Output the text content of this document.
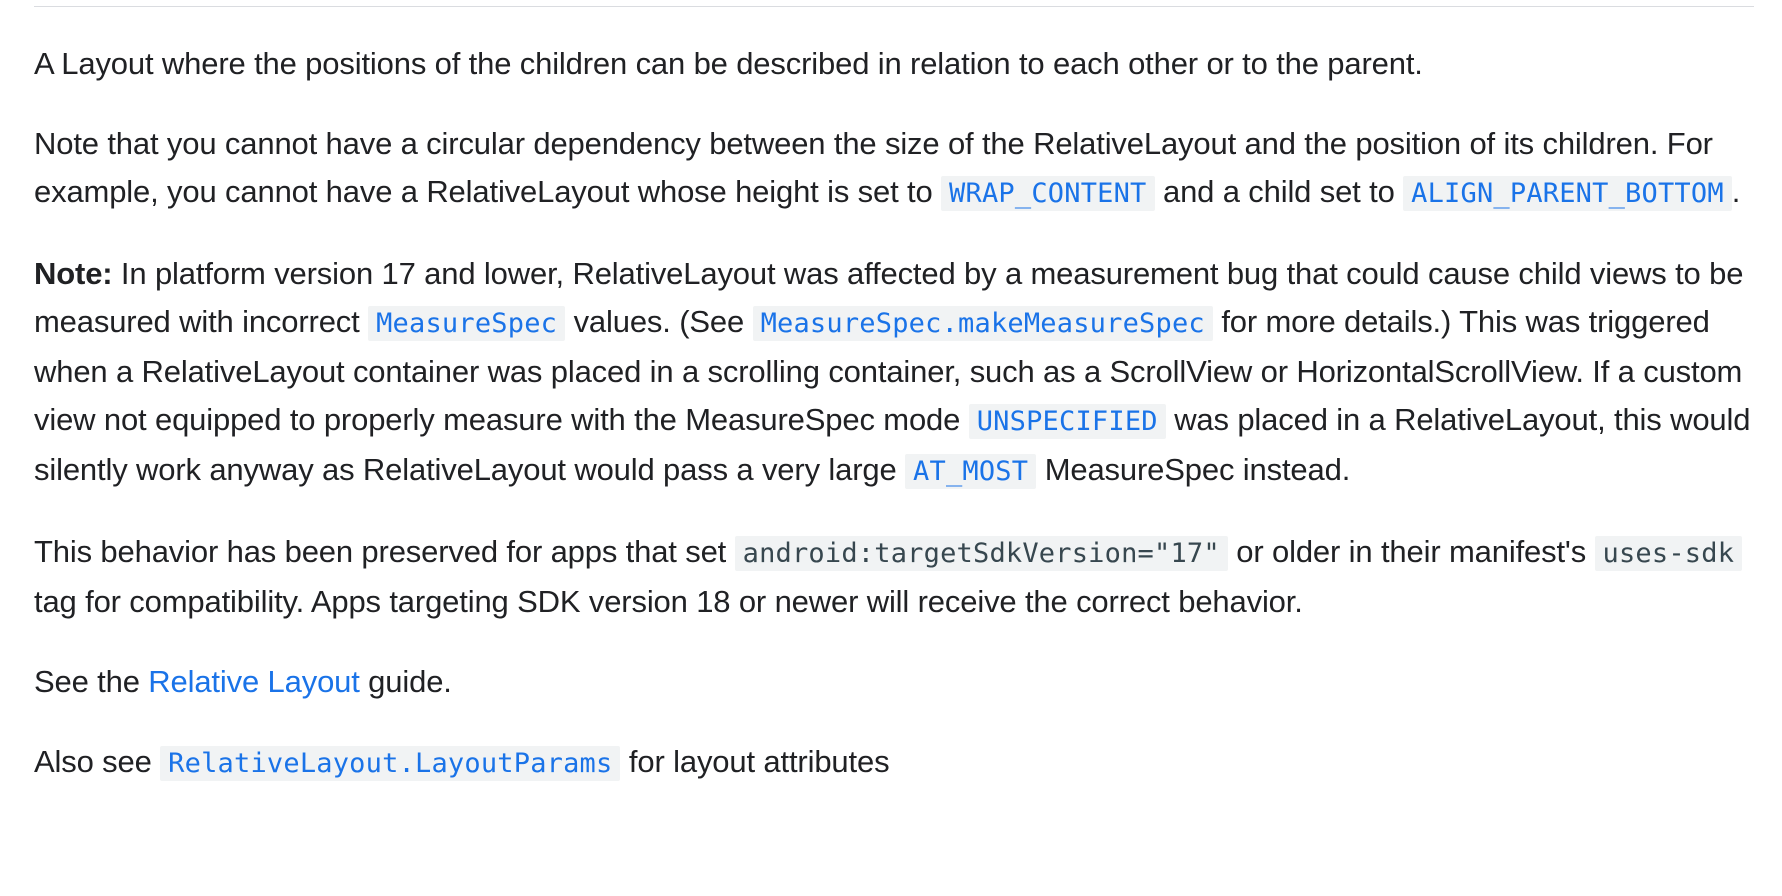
A Layout where the positions of the children can be described in relation to each other or to the parent.

Note that you cannot have a circular dependency between the size of the RelativeLayout and the position of its children. For example, you cannot have a RelativeLayout whose height is set to WRAP_CONTENT and a child set to ALIGN_PARENT_BOTTOM .

Note: In platform version 17 and lower, RelativeLayout was affected by a measurement bug that could cause child views to be measured with incorrect MeasureSpec values. (See MeasureSpec.makeMeasureSpec for more details.) This was triggered when a RelativeLayout container was placed in a scrolling container, such as a ScrollView or HorizontalScrollView. If a custom view not equipped to properly measure with the MeasureSpec mode UNSPECIFIED was placed in a RelativeLayout, this would silently work anyway as RelativeLayout would pass a very large AT_MOST MeasureSpec instead.

This behavior has been preserved for apps that set android:targetSdkVersion="17" or older in their manifest's uses-sdk tag for compatibility. Apps targeting SDK version 18 or newer will receive the correct behavior.

See the Relative Layout guide.

Also see RelativeLayout.LayoutParams for layout attributes
